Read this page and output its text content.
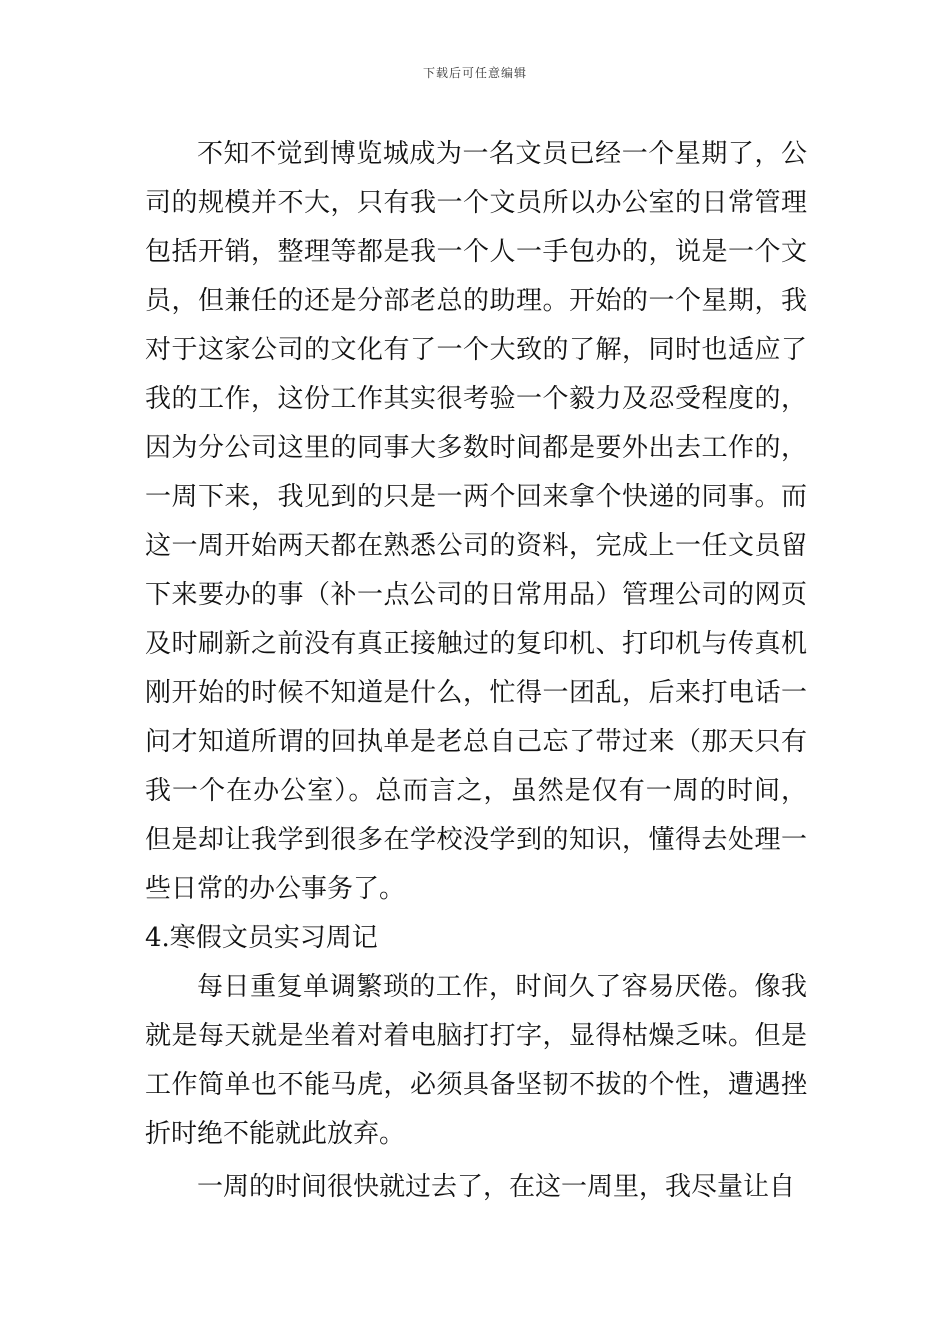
下载后可任意编辑

不知不觉到博览城成为一名文员已经一个星期了，公司的规模并不大，只有我一个文员所以办公室的日常管理包括开销，整理等都是我一个人一手包办的，说是一个文员，但兼任的还是分部老总的助理。开始的一个星期，我对于这家公司的文化有了一个大致的了解，同时也适应了我的工作，这份工作其实很考验一个毅力及忍受程度的，因为分公司这里的同事大多数时间都是要外出去工作的，一周下来，我见到的只是一两个回来拿个快递的同事。而这一周开始两天都在熟悉公司的资料，完成上一任文员留下来要办的事（补一点公司的日常用品）管理公司的网页及时刷新之前没有真正接触过的复印机、打印机与传真机刚开始的时候不知道是什么，忙得一团乱，后来打电话一问才知道所谓的回执单是老总自己忘了带过来（那天只有我一个在办公室）。总而言之，虽然是仅有一周的时间，但是却让我学到很多在学校没学到的知识，懂得去处理一些日常的办公事务了。

4.寒假文员实习周记

每日重复单调繁琐的工作，时间久了容易厌倦。像我就是每天就是坐着对着电脑打打字，显得枯燥乏味。但是工作简单也不能马虎，必须具备坚韧不拔的个性，遭遇挫折时绝不能就此放弃。

一周的时间很快就过去了，在这一周里，我尽量让自
